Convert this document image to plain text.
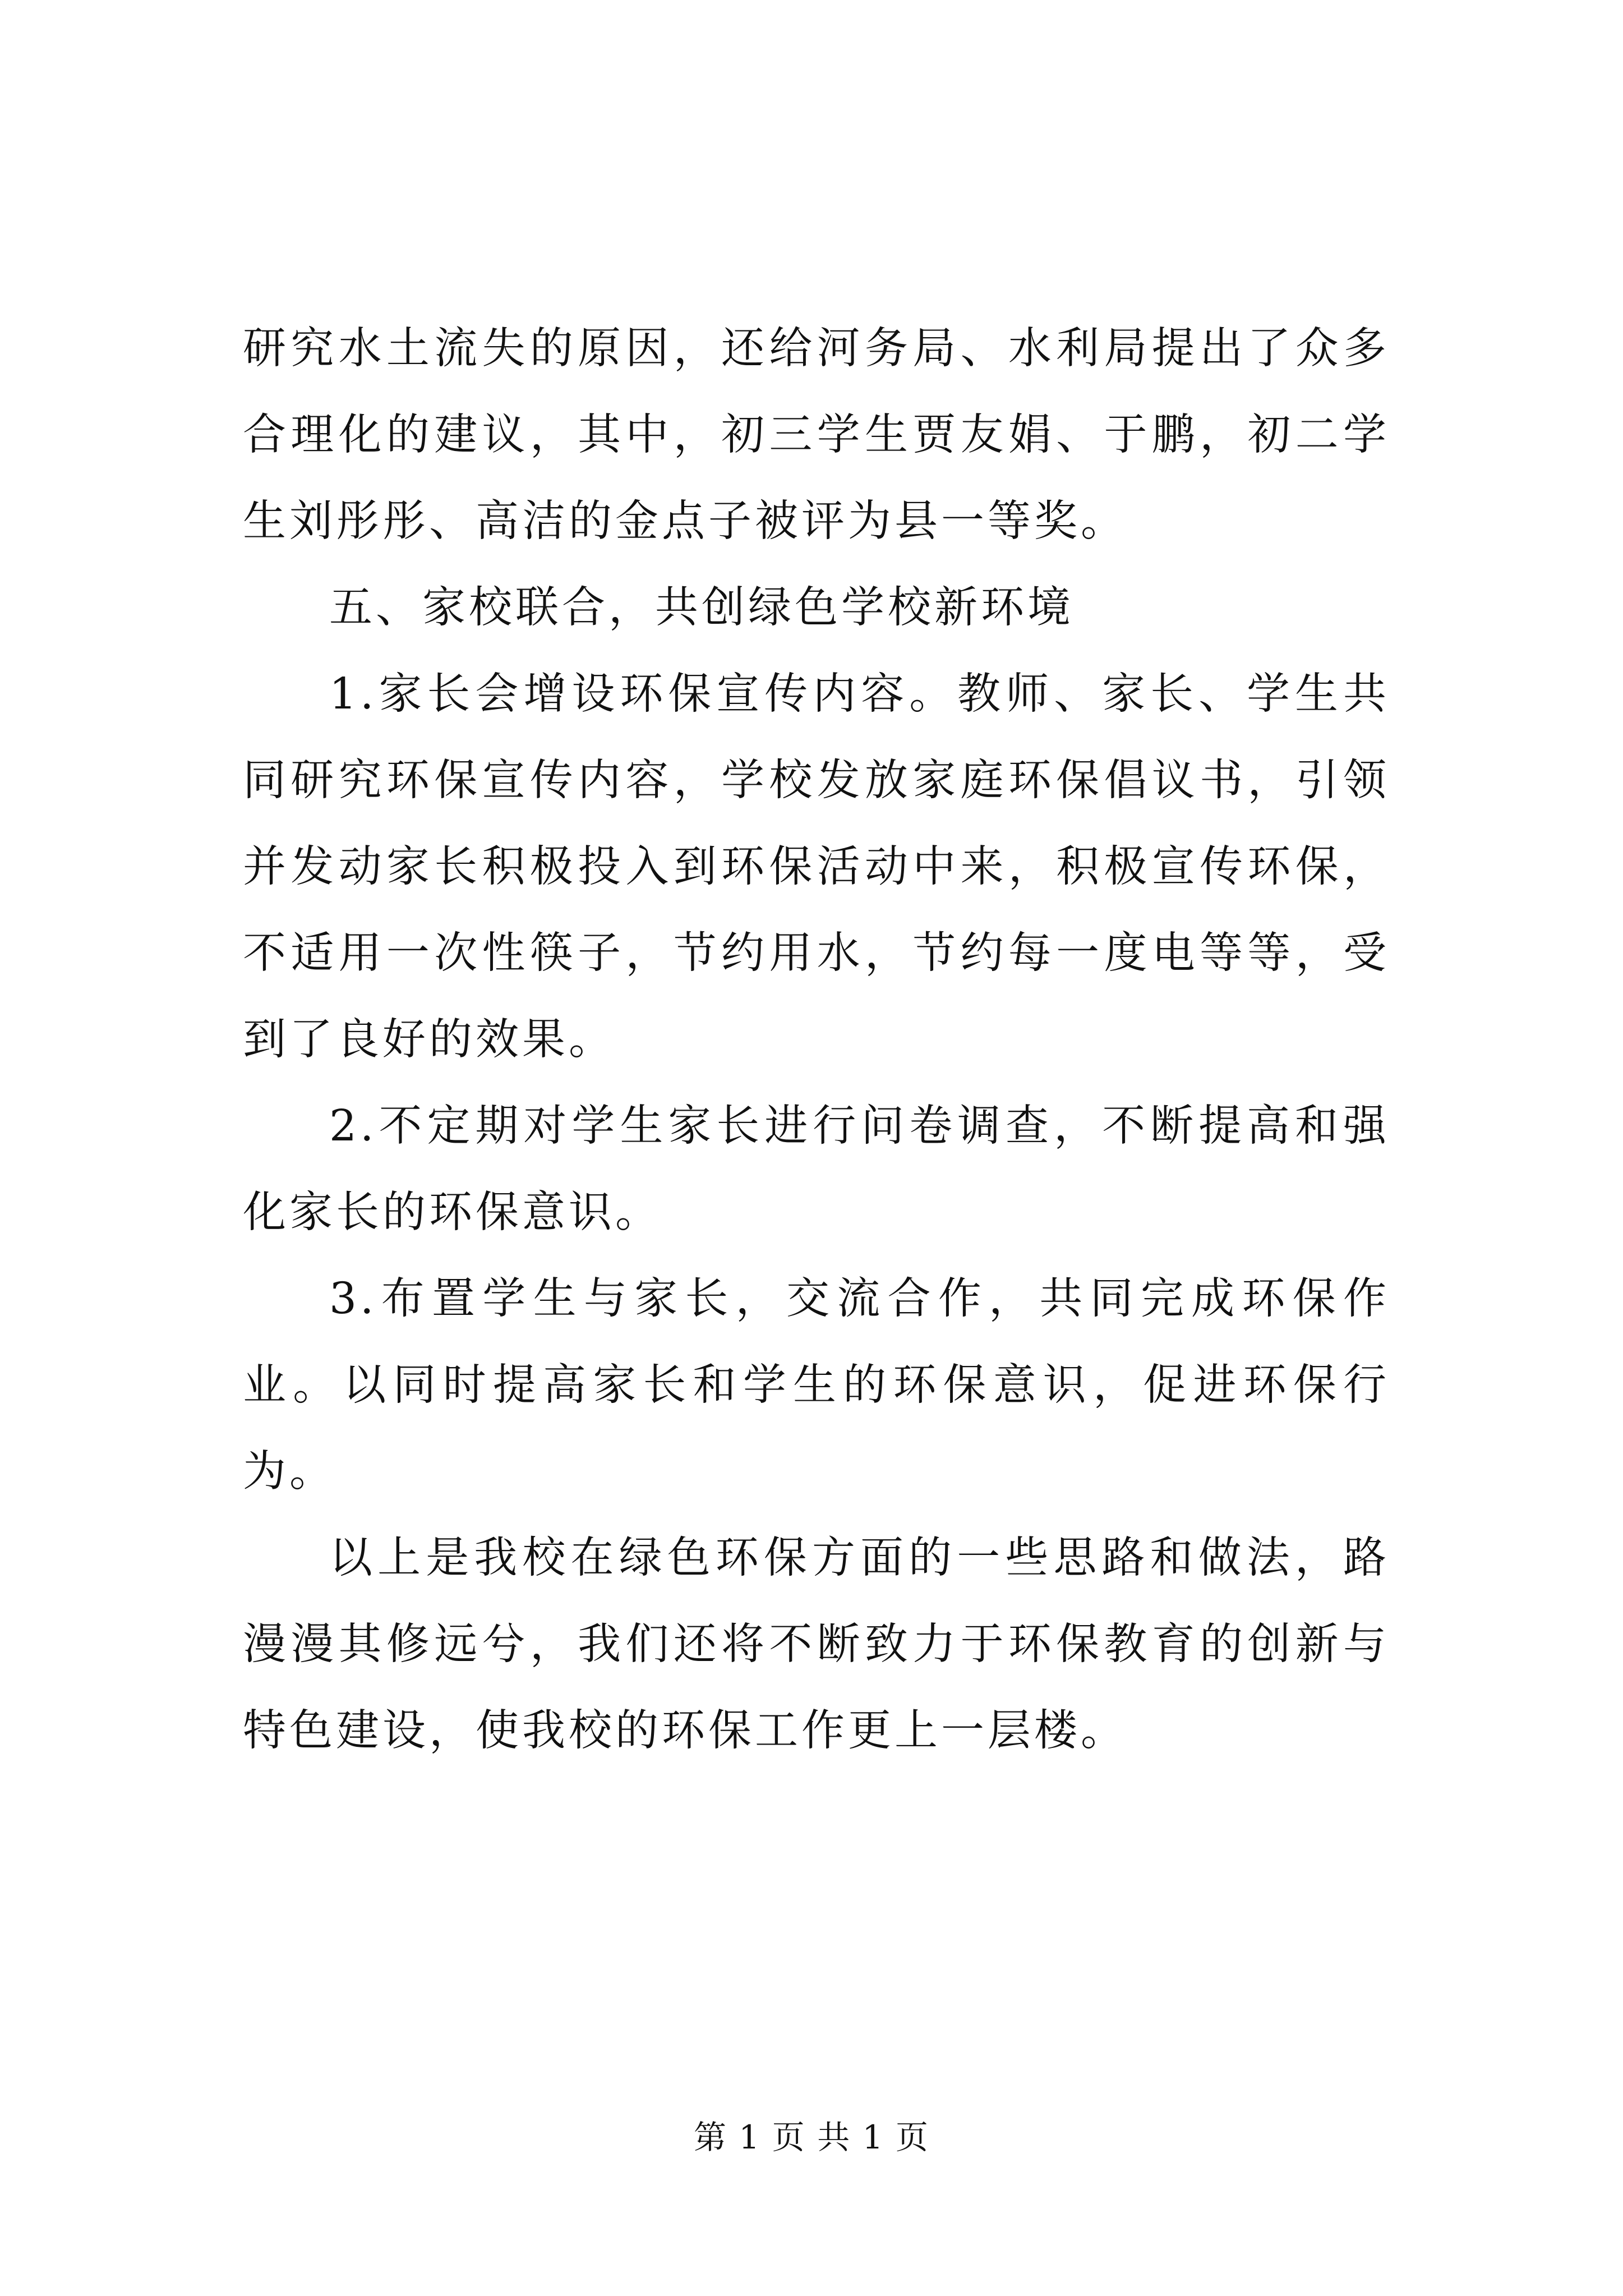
研究水土流失的原因，还给河务局、水利局提出了众多合理化的建议，其中，初三学生贾友娟、于鹏，初二学生刘彤彤、高洁的金点子被评为县一等奖。

五、家校联合，共创绿色学校新环境

1.家长会增设环保宣传内容。教师、家长、学生共同研究环保宣传内容，学校发放家庭环保倡议书，引领并发动家长积极投入到环保活动中来，积极宣传环保，不适用一次性筷子，节约用水，节约每一度电等等，受到了良好的效果。

2.不定期对学生家长进行问卷调查，不断提高和强化家长的环保意识。

3.布置学生与家长，交流合作，共同完成环保作业。以同时提高家长和学生的环保意识，促进环保行为。

以上是我校在绿色环保方面的一些思路和做法，路漫漫其修远兮，我们还将不断致力于环保教育的创新与特色建设，使我校的环保工作更上一层楼。

第 1 页 共 1 页
